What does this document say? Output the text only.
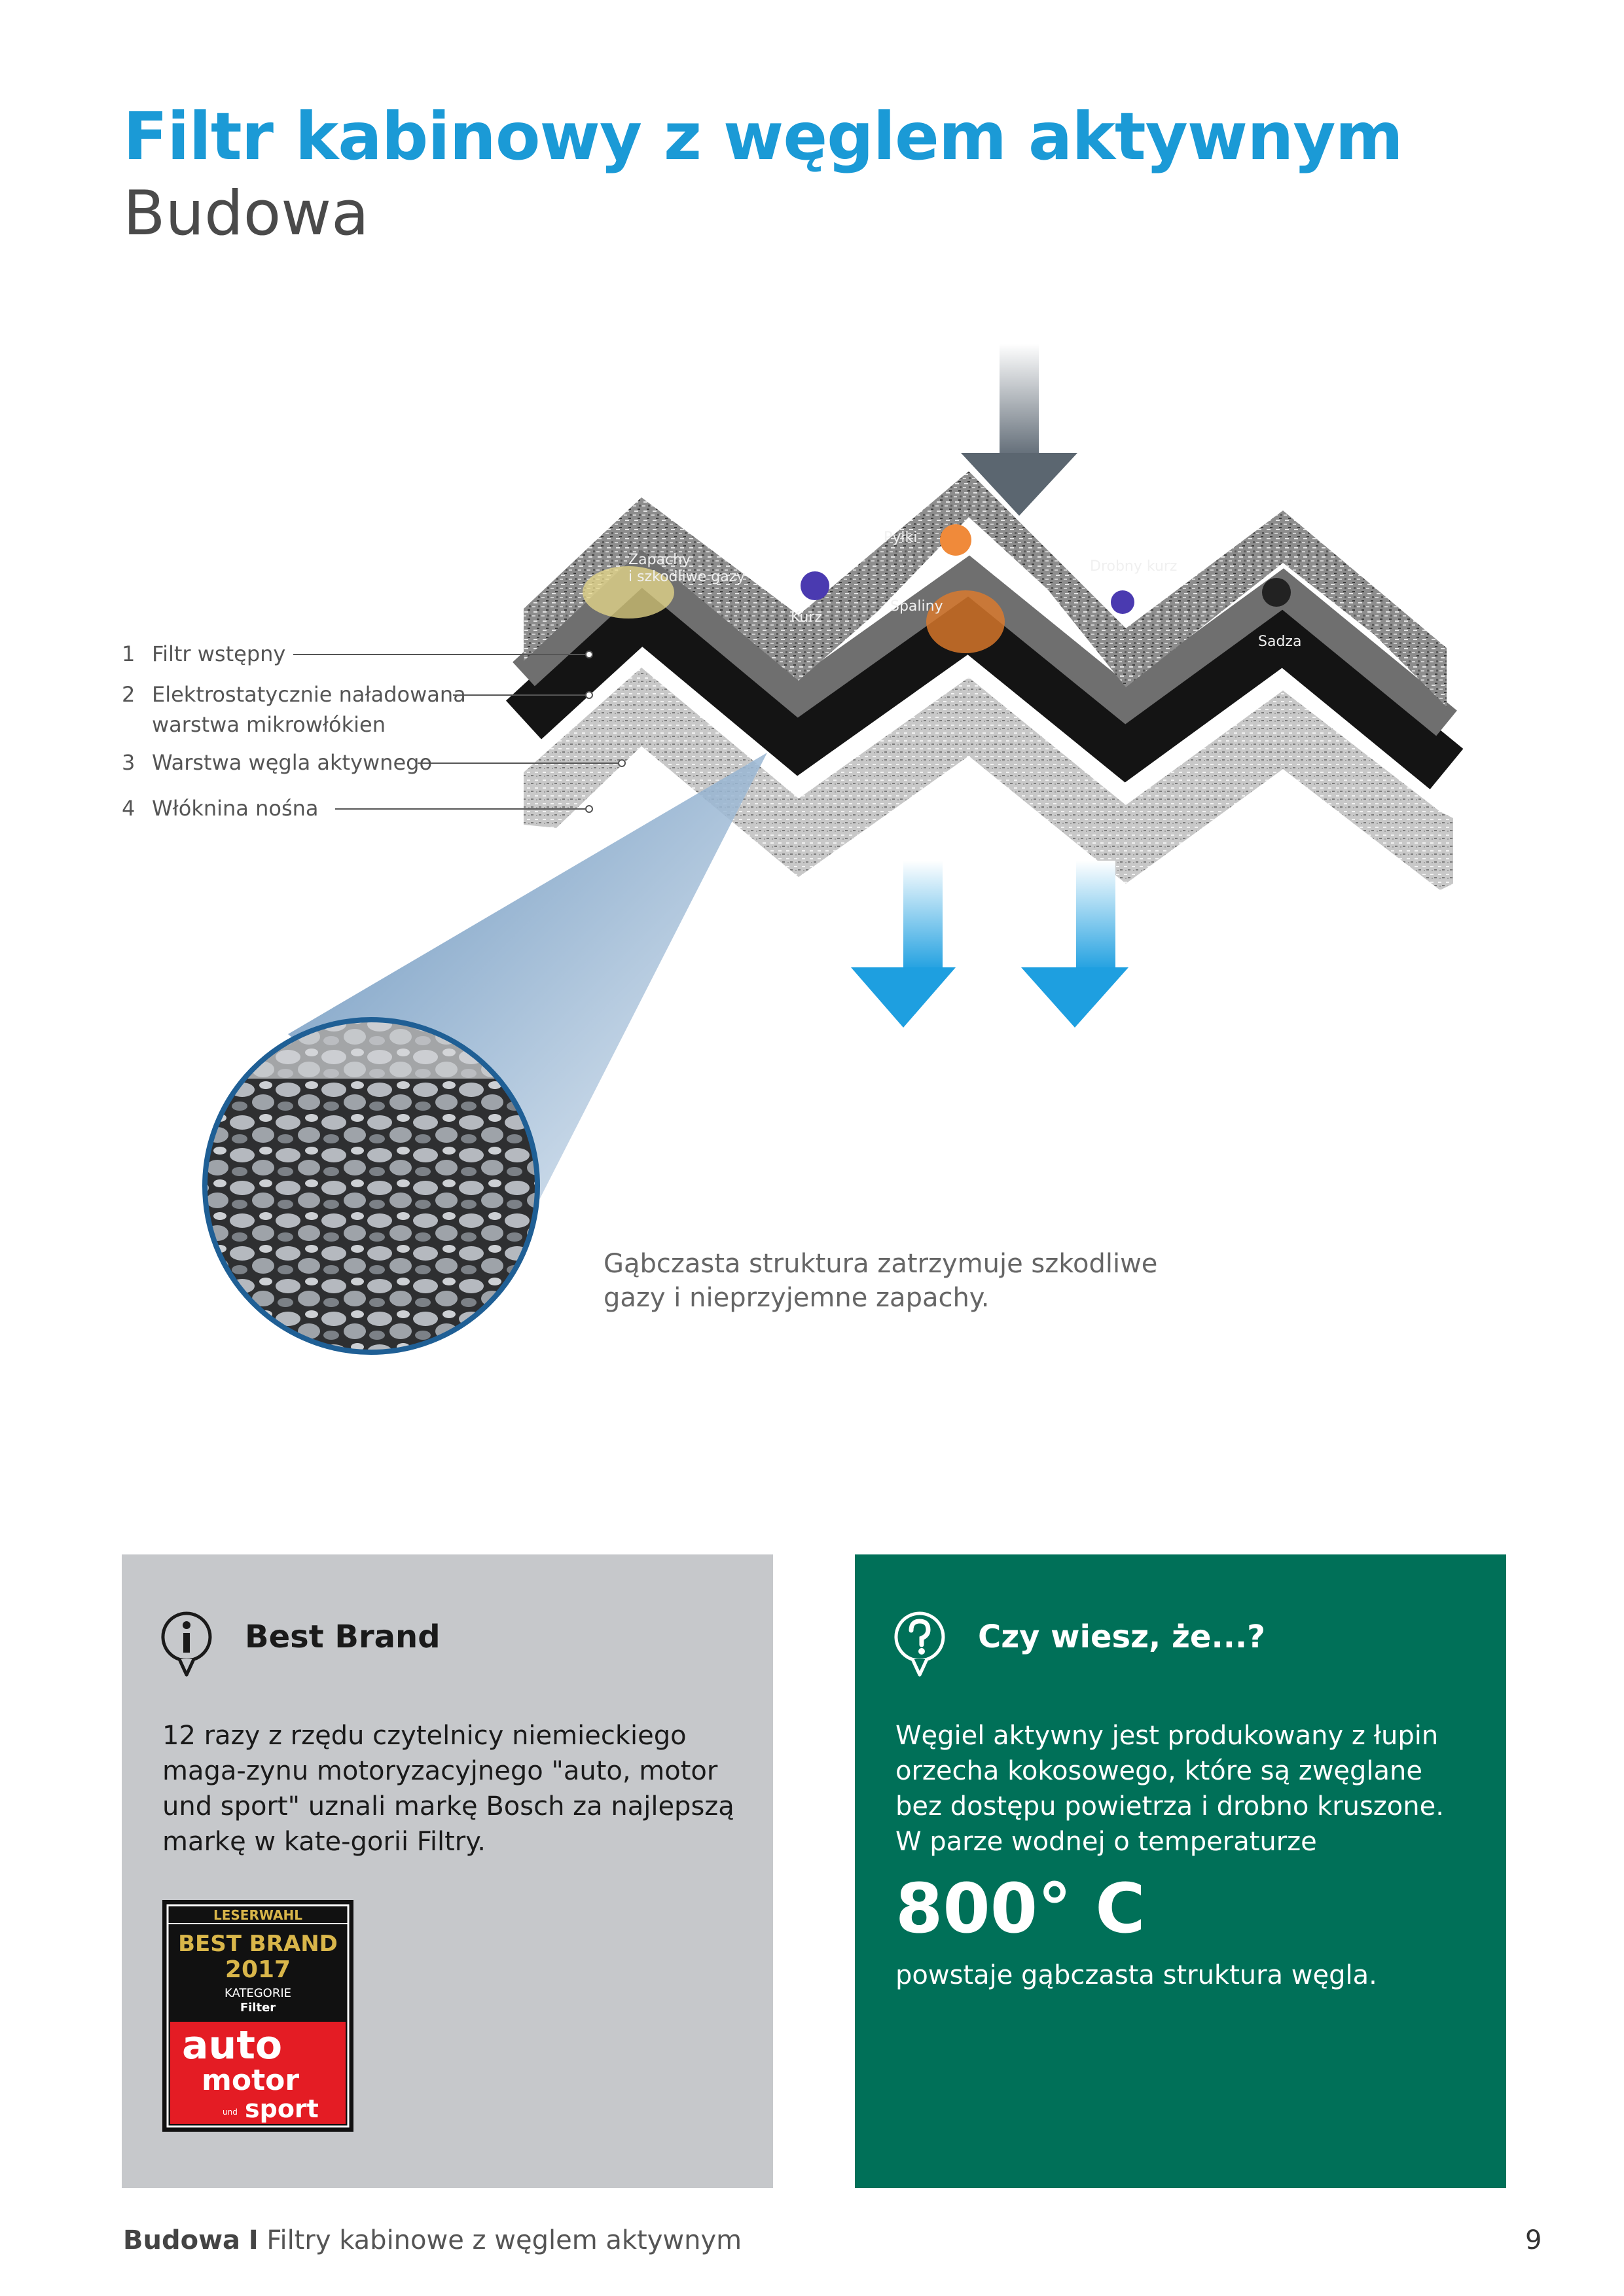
Filtr kabinowy z węglem aktywnym
Budowa
Zapachy
i szkodliwe gazy
Kurz
Pyłki
Spaliny
Drobny kurz
Sadza
1 Filtr wstępny
2 Elektrostatycznie naładowana
warstwa mikrowłókien
3 Warstwa węgla aktywnego
4 Włóknina nośna
Gąbczasta struktura zatrzymuje szkodliwe gazy i nieprzyjemne zapachy.
Best Brand
12 razy z rzędu czytelnicy niemieckiego maga-zynu motoryzacyjnego "auto, motor und sport" uznali markę Bosch za najlepszą markę w kate-gorii Filtry.
LESERWAHL
BEST BRAND
2017
KATEGORIE
Filter
auto
motor
und sport
Czy wiesz, że...?
Węgiel aktywny jest produkowany z łupin orzecha kokosowego, które są zwęglane bez dostępu powietrza i drobno kruszone. W parze wodnej o temperaturze
800° C
powstaje gąbczasta struktura węgla.
Budowa I Filtry kabinowe z węglem aktywnym	9
